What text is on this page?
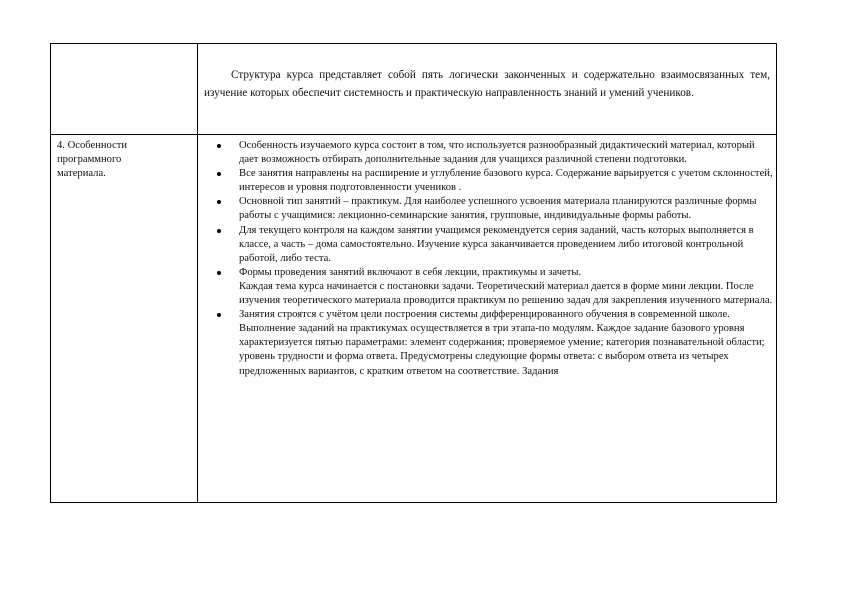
Структура курса представляет собой пять логически законченных и содержательно взаимосвязанных тем, изучение которых обеспечит системность и практическую направленность знаний и умений учеников.

4. Особенности
программного
материала.

Особенность изучаемого курса состоит в том, что используется разнообразный дидактический материал, который дает возможность отбирать дополнительные задания для учащихся различной степени подготовки.
Все занятия направлены на расширение и углубление базового курса. Содержание варьируется с учетом склонностей, интересов и уровня подготовленности учеников .
Основной тип занятий – практикум. Для наиболее успешного усвоения материала планируются различные формы работы с учащимися: лекционно-семинарские занятия, групповые, индивидуальные формы работы.
Для текущего контроля на каждом занятии учащимся рекомендуется серия заданий, часть которых выполняется в классе, а часть – дома самостоятельно. Изучение курса заканчивается проведением либо итоговой контрольной работой, либо теста.
Формы проведения занятий включают в себя лекции, практикумы и зачеты.
Каждая тема курса начинается с постановки задачи. Теоретический материал дается в форме мини лекции. После изучения теоретического материала проводится практикум по решению задач для закрепления изученного материала.
Занятия строятся с учётом цели построения системы дифференцированного обучения в современной школе. Выполнение заданий на практикумах осуществляется в три этапа-по модулям. Каждое задание базового уровня характеризуется пятью параметрами: элемент содержания; проверяемое умение; категория познавательной области; уровень трудности и форма ответа. Предусмотрены следующие формы ответа: с выбором ответа из четырех предложенных вариантов, с кратким ответом на соответствие. Задания
